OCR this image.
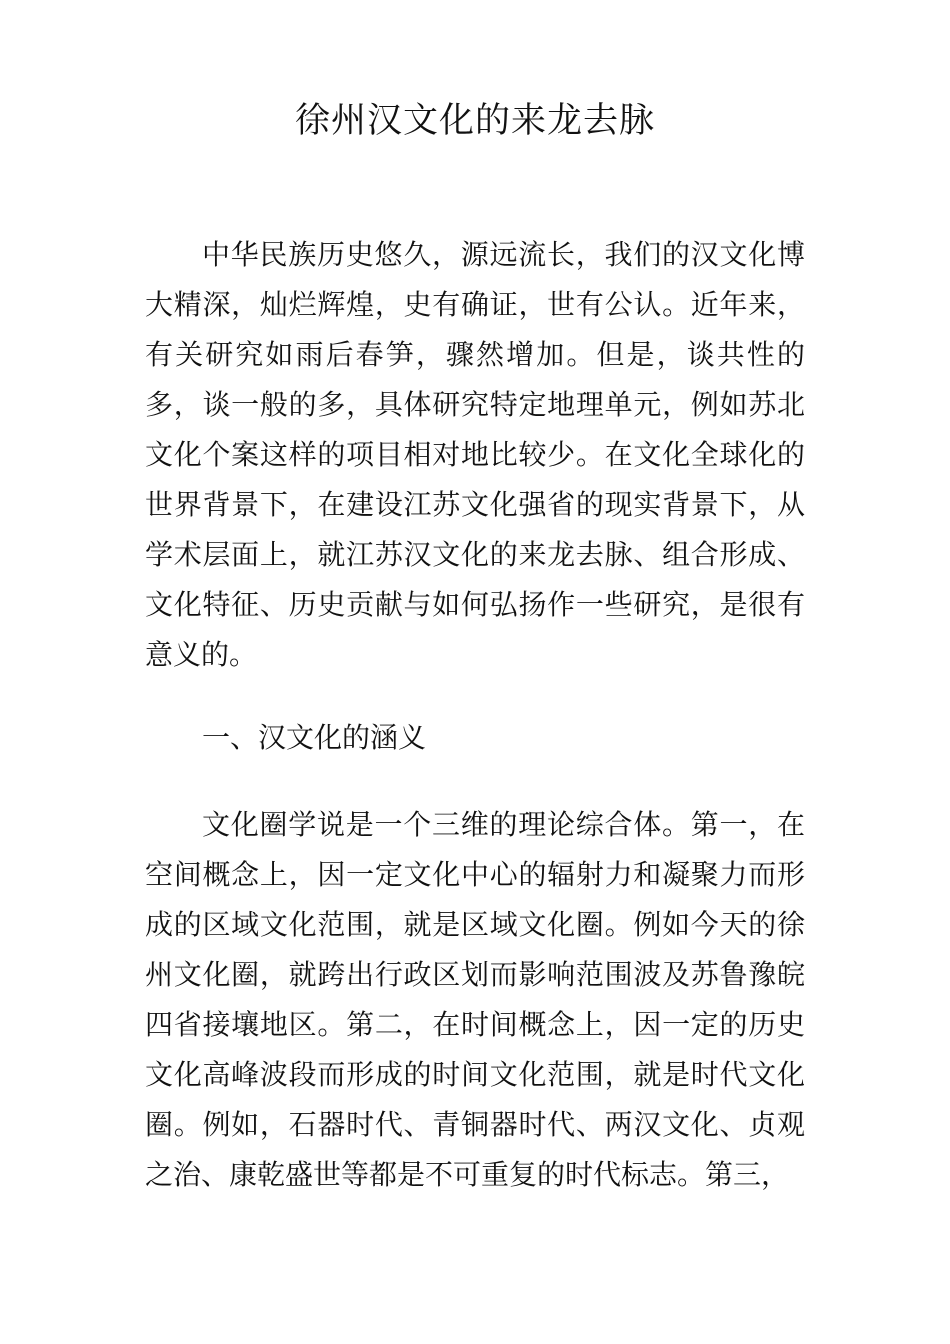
徐州汉文化的来龙去脉

中华民族历史悠久，源远流长，我们的汉文化博大精深，灿烂辉煌，史有确证，世有公认。近年来，有关研究如雨后春笋，骤然增加。但是，谈共性的多，谈一般的多，具体研究特定地理单元，例如苏北文化个案这样的项目相对地比较少。在文化全球化的世界背景下，在建设江苏文化强省的现实背景下，从学术层面上，就江苏汉文化的来龙去脉、组合形成、文化特征、历史贡献与如何弘扬作一些研究，是很有意义的。

一、汉文化的涵义

文化圈学说是一个三维的理论综合体。第一，在空间概念上，因一定文化中心的辐射力和凝聚力而形成的区域文化范围，就是区域文化圈。例如今天的徐州文化圈，就跨出行政区划而影响范围波及苏鲁豫皖四省接壤地区。第二，在时间概念上，因一定的历史文化高峰波段而形成的时间文化范围，就是时代文化圈。例如，石器时代、青铜器时代、两汉文化、贞观之治、康乾盛世等都是不可重复的时代标志。第三，
